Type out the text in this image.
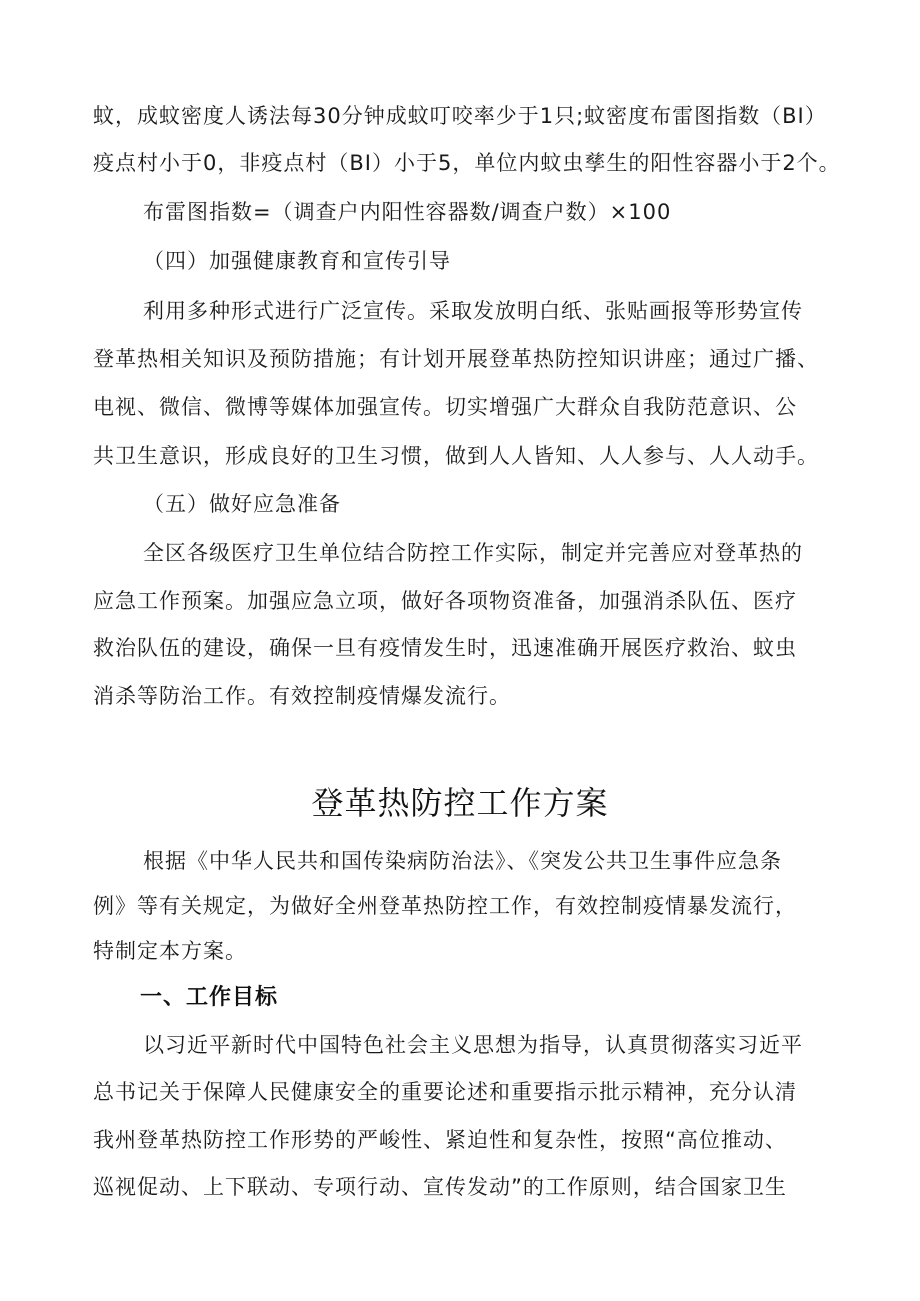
蚊，成蚊密度人诱法每30分钟成蚊叮咬率少于1只;蚊密度布雷图指数（BI）
疫点村小于0，非疫点村（BI）小于5，单位内蚊虫孳生的阳性容器小于2个。
布雷图指数=（调查户内阳性容器数/调查户数）×100
（四）加强健康教育和宣传引导
利用多种形式进行广泛宣传。采取发放明白纸、张贴画报等形势宣传
登革热相关知识及预防措施；有计划开展登革热防控知识讲座；通过广播、
电视、微信、微博等媒体加强宣传。切实增强广大群众自我防范意识、公
共卫生意识，形成良好的卫生习惯，做到人人皆知、人人参与、人人动手。
（五）做好应急准备
全区各级医疗卫生单位结合防控工作实际，制定并完善应对登革热的
应急工作预案。加强应急立项，做好各项物资准备，加强消杀队伍、医疗
救治队伍的建设，确保一旦有疫情发生时，迅速准确开展医疗救治、蚊虫
消杀等防治工作。有效控制疫情爆发流行。
登革热防控工作方案
根据《中华人民共和国传染病防治法》、《突发公共卫生事件应急条
例》等有关规定，为做好全州登革热防控工作，有效控制疫情暴发流行，
特制定本方案。
一、工作目标
以习近平新时代中国特色社会主义思想为指导，认真贯彻落实习近平
总书记关于保障人民健康安全的重要论述和重要指示批示精神，充分认清
我州登革热防控工作形势的严峻性、紧迫性和复杂性，按照“高位推动、
巡视促动、上下联动、专项行动、宣传发动”的工作原则，结合国家卫生
